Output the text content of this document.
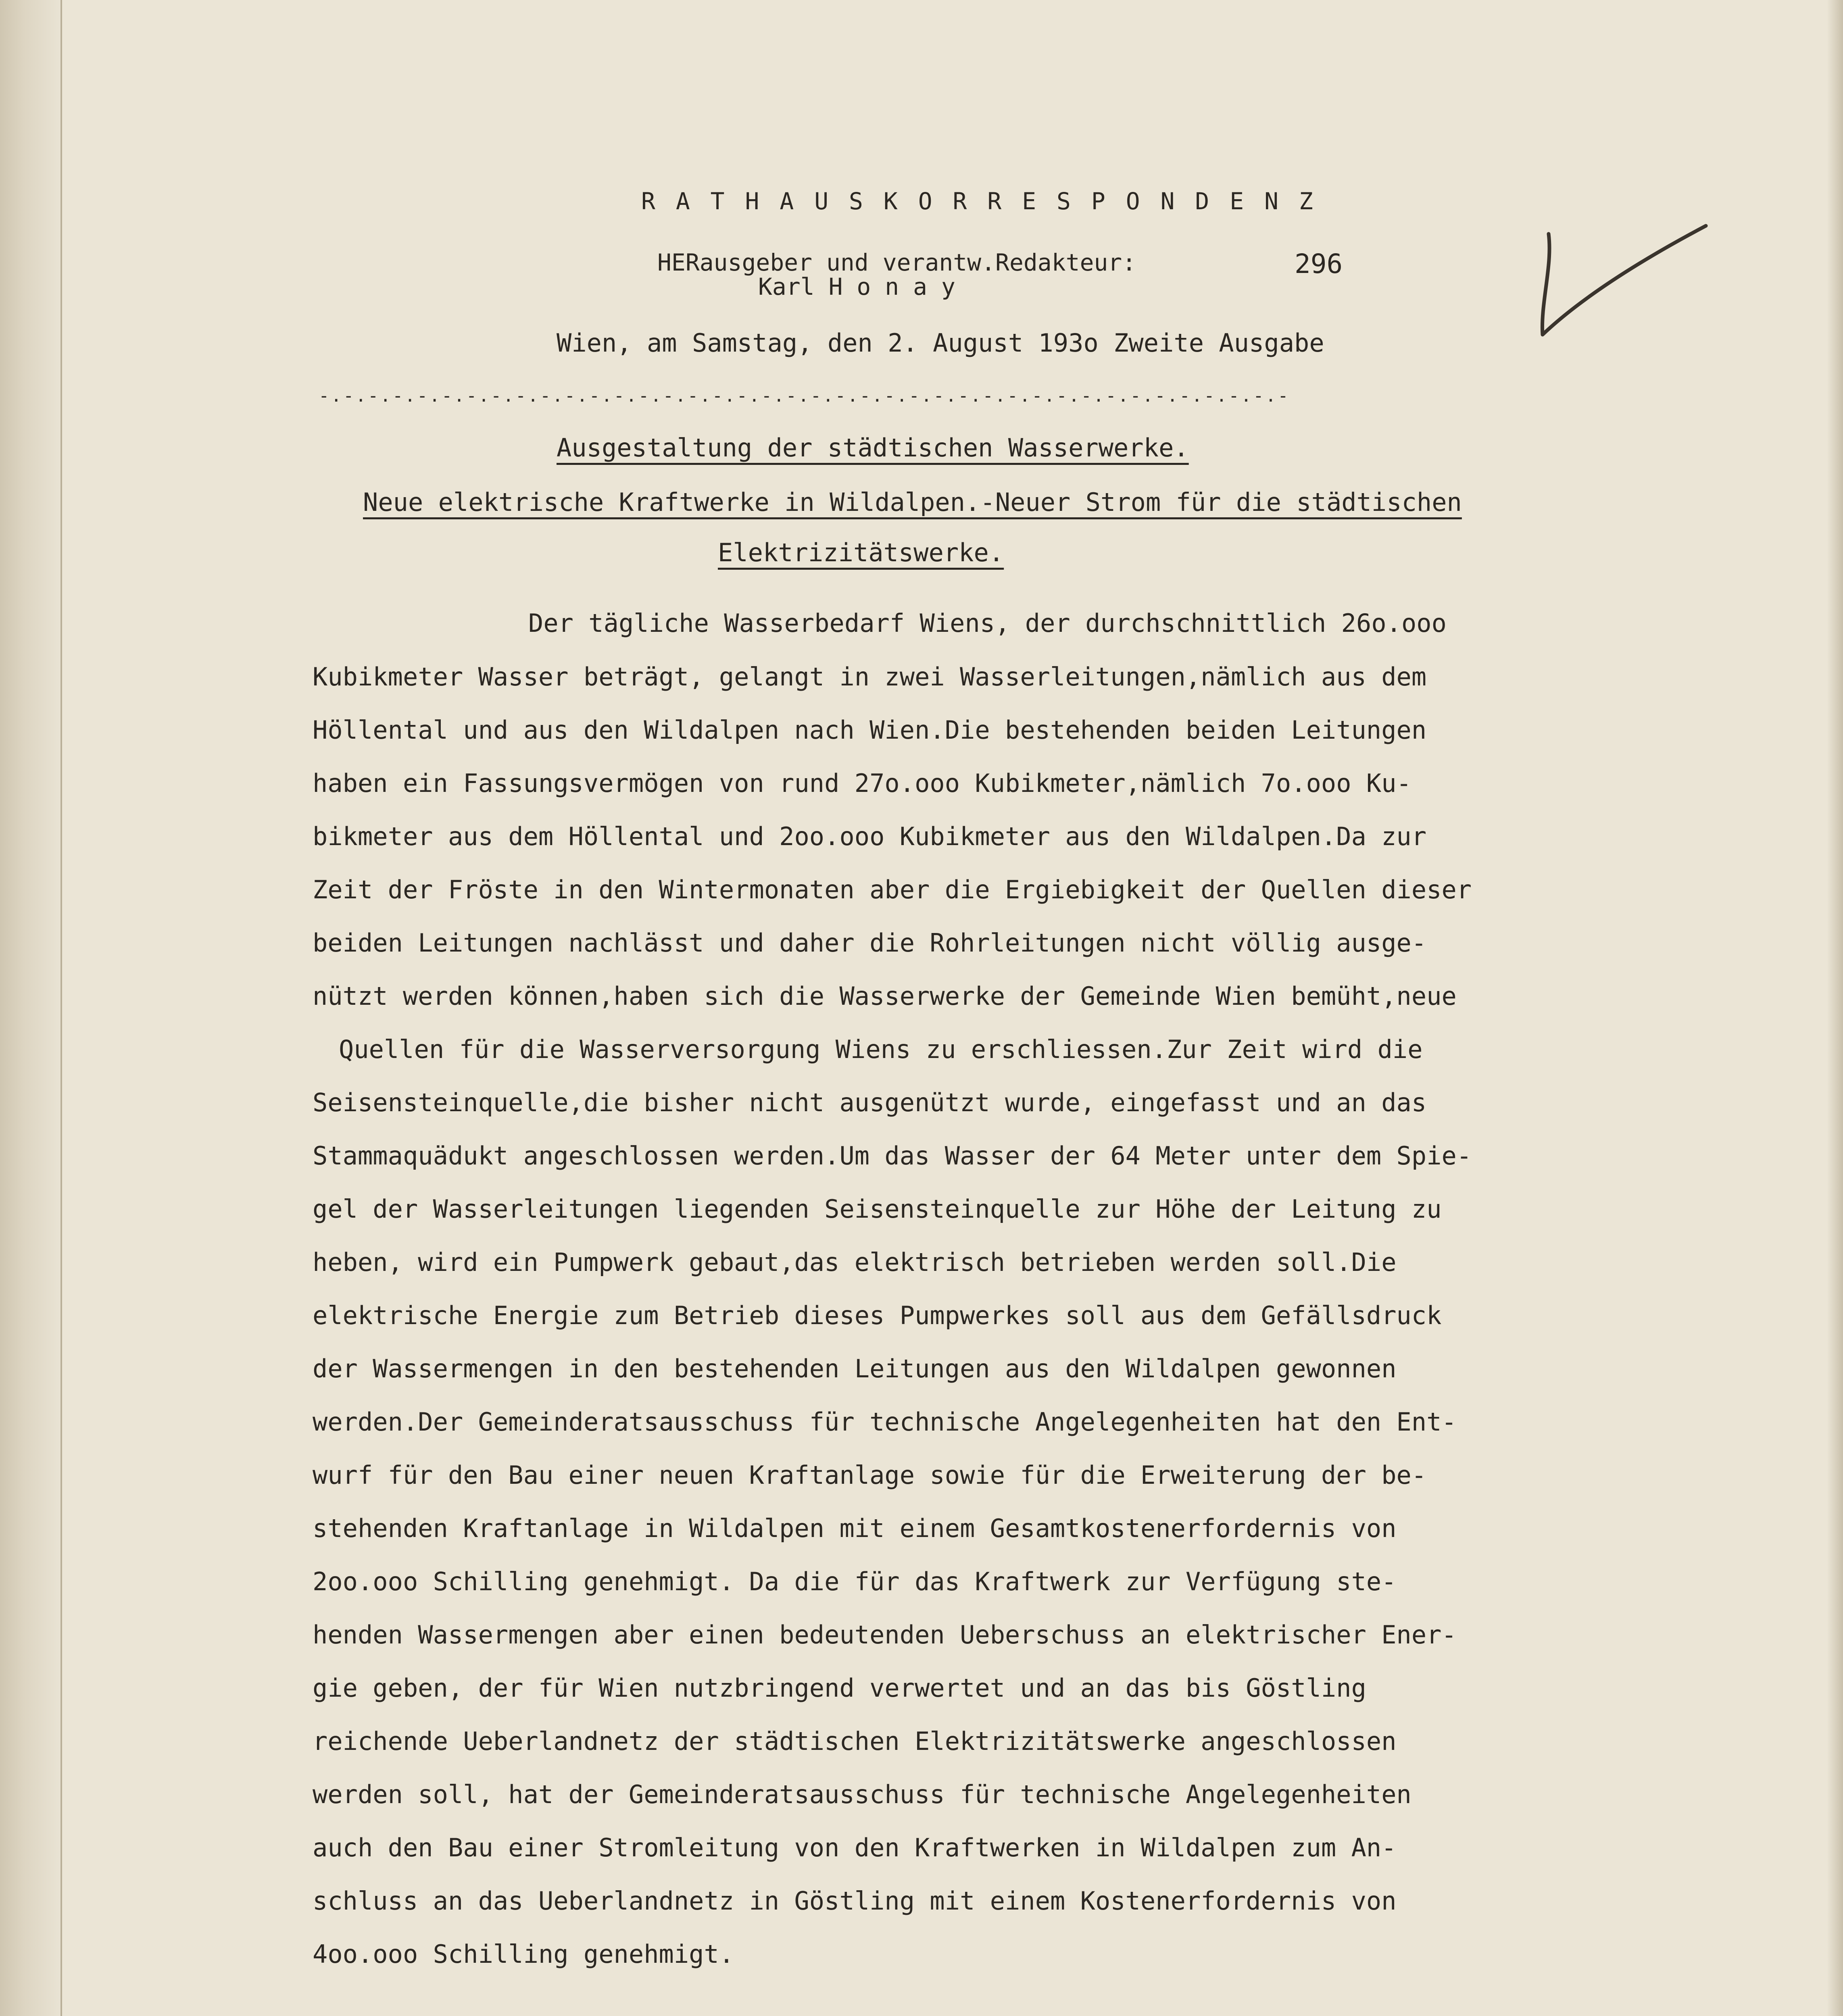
R A T H A U S K O R R E S P O N D E N Z
HERausgeber und verantw.Redakteur:
Karl H o n a y
296
Wien, am Samstag, den 2. August 193o Zweite Ausgabe
-.-.-.-.-.-.-.-.-.-.-.-.-.-.-.-.-.-.-.-.-.-.-.-.-.-.-.-.-.-.-.-.-.-.-.-.-.-.-.-
Ausgestaltung der städtischen Wasserwerke.
Neue elektrische Kraftwerke in Wildalpen.-Neuer Strom für die städtischen
Elektrizitätswerke.
Der tägliche Wasserbedarf Wiens, der durchschnittlich 26o.ooo
Kubikmeter Wasser beträgt, gelangt in zwei Wasserleitungen,nämlich aus dem
Höllental und aus den Wildalpen nach Wien.Die bestehenden beiden Leitungen
haben ein Fassungsvermögen von rund 27o.ooo Kubikmeter,nämlich 7o.ooo Ku-
bikmeter aus dem Höllental und 2oo.ooo Kubikmeter aus den Wildalpen.Da zur
Zeit der Fröste in den Wintermonaten aber die Ergiebigkeit der Quellen dieser
beiden Leitungen nachlässt und daher die Rohrleitungen nicht völlig ausge-
nützt werden können,haben sich die Wasserwerke der Gemeinde Wien bemüht,neue
Quellen für die Wasserversorgung Wiens zu erschliessen.Zur Zeit wird die
Seisensteinquelle,die bisher nicht ausgenützt wurde, eingefasst und an das
Stammaquädukt angeschlossen werden.Um das Wasser der 64 Meter unter dem Spie-
gel der Wasserleitungen liegenden Seisensteinquelle zur Höhe der Leitung zu
heben, wird ein Pumpwerk gebaut,das elektrisch betrieben werden soll.Die
elektrische Energie zum Betrieb dieses Pumpwerkes soll aus dem Gefällsdruck
der Wassermengen in den bestehenden Leitungen aus den Wildalpen gewonnen
werden.Der Gemeinderatsausschuss für technische Angelegenheiten hat den Ent-
wurf für den Bau einer neuen Kraftanlage sowie für die Erweiterung der be-
stehenden Kraftanlage in Wildalpen mit einem Gesamtkostenerfordernis von
2oo.ooo Schilling genehmigt. Da die für das Kraftwerk zur Verfügung ste-
henden Wassermengen aber einen bedeutenden Ueberschuss an elektrischer Ener-
gie geben, der für Wien nutzbringend verwertet und an das bis Göstling
reichende Ueberlandnetz der städtischen Elektrizitätswerke angeschlossen
werden soll, hat der Gemeinderatsausschuss für technische Angelegenheiten
auch den Bau einer Stromleitung von den Kraftwerken in Wildalpen zum An-
schluss an das Ueberlandnetz in Göstling mit einem Kostenerfordernis von
4oo.ooo Schilling genehmigt.
